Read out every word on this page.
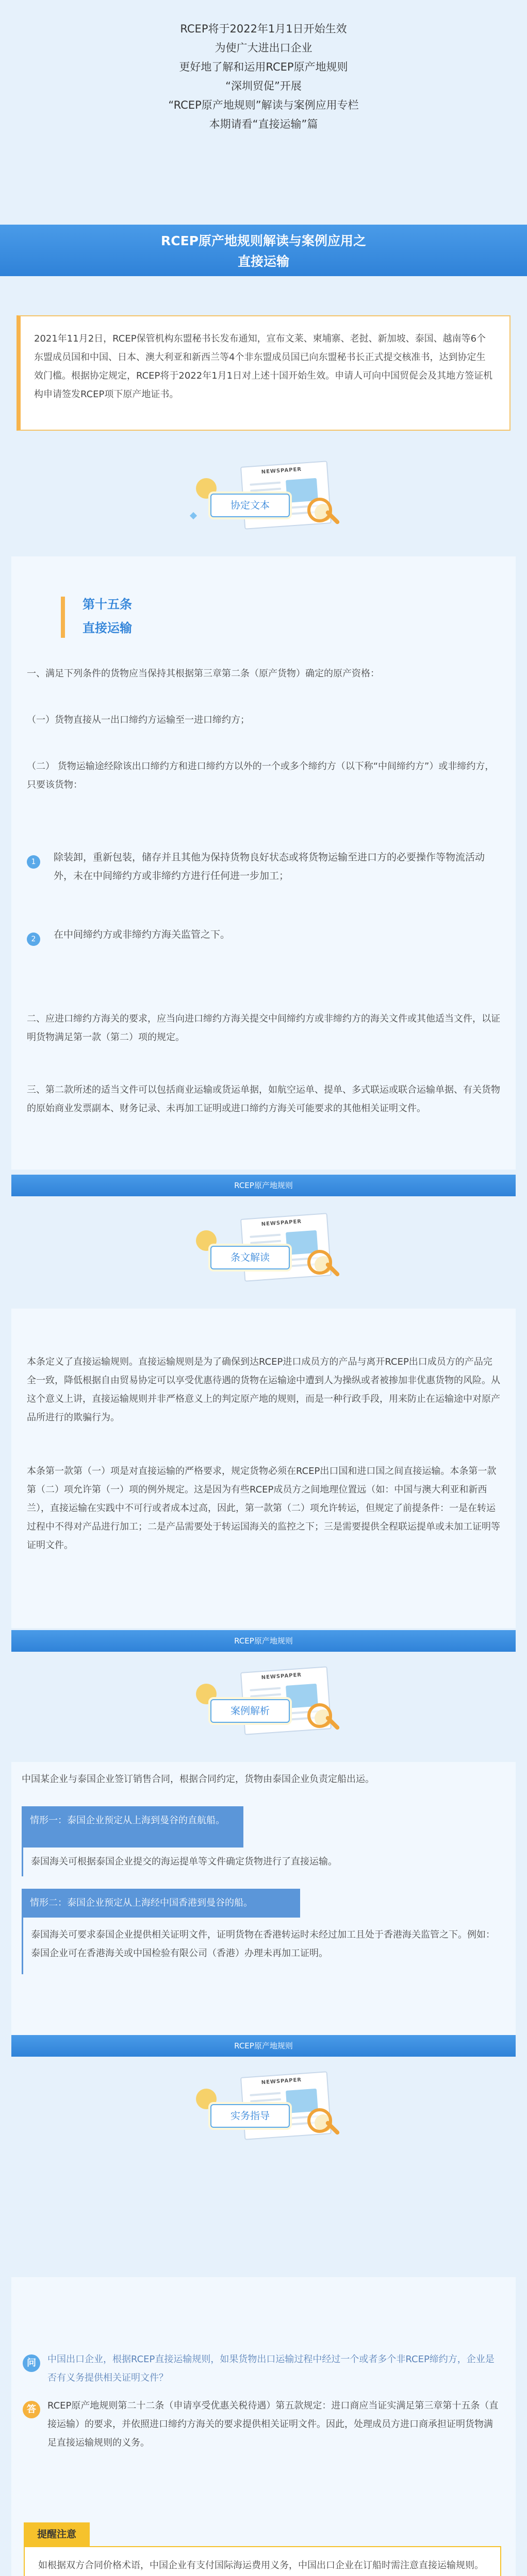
RCEP将于2022年1月1日开始生效
为使广大进出口企业
更好地了解和运用RCEP原产地规则
“深圳贸促”开展
“RCEP原产地规则”解读与案例应用专栏
本期请看“直接运输”篇
RCEP原产地规则解读与案例应用之
直接运输
2021年11月2日，RCEP保管机构东盟秘书长发布通知，宣布文莱、柬埔寨、老挝、新加坡、泰国、越南等6个东盟成员国和中国、日本、澳大利亚和新西兰等4个非东盟成员国已向东盟秘书长正式提交核准书，达到协定生效门槛。根据协定规定，RCEP将于2022年1月1日对上述十国开始生效。申请人可向中国贸促会及其地方签证机构申请签发RCEP项下原产地证书。
NEWSPAPER
协定文本
第十五条
直接运输
一、满足下列条件的货物应当保持其根据第三章第二条（原产货物）确定的原产资格：
（一）货物直接从一出口缔约方运输至一进口缔约方；
（二） 货物运输途经除该出口缔约方和进口缔约方以外的一个或多个缔约方（以下称“中间缔约方”）或非缔约方，只要该货物：
1	除装卸，重新包装，储存并且其他为保持货物良好状态或将货物运输至进口方的必要操作等物流活动外，未在中间缔约方或非缔约方进行任何进一步加工；
2	在中间缔约方或非缔约方海关监管之下。
二、应进口缔约方海关的要求，应当向进口缔约方海关提交中间缔约方或非缔约方的海关文件或其他适当文件，以证明货物满足第一款（第二）项的规定。
三、第二款所述的适当文件可以包括商业运输或货运单据，如航空运单、提单、多式联运或联合运输单据、有关货物的原始商业发票副本、财务记录、未再加工证明或进口缔约方海关可能要求的其他相关证明文件。
RCEP原产地规则
NEWSPAPER
条文解读
本条定义了直接运输规则。直接运输规则是为了确保到达RCEP进口成员方的产品与离开RCEP出口成员方的产品完全一致，降低根据自由贸易协定可以享受优惠待遇的货物在运输途中遭到人为操纵或者被掺加非优惠货物的风险。从这个意义上讲，直接运输规则并非严格意义上的判定原产地的规则，而是一种行政手段，用来防止在运输途中对原产品所进行的欺骗行为。
本条第一款第（一）项是对直接运输的严格要求，规定货物必须在RCEP出口国和进口国之间直接运输。本条第一款第（二）项允许第（一）项的例外规定。这是因为有些RCEP成员方之间地理位置远（如：中国与澳大利亚和新西兰），直接运输在实践中不可行或者成本过高，因此，第一款第（二）项允许转运，但规定了前提条件：一是在转运过程中不得对产品进行加工；二是产品需要处于转运国海关的监控之下；三是需要提供全程联运提单或未加工证明等证明文件。
RCEP原产地规则
NEWSPAPER
案例解析
中国某企业与泰国企业签订销售合同，根据合同约定，货物由泰国企业负责定船出运。
情形一：泰国企业预定从上海到曼谷的直航船。
泰国海关可根据泰国企业提交的海运提单等文件确定货物进行了直接运输。
情形二：泰国企业预定从上海经中国香港到曼谷的船。
泰国海关可要求泰国企业提供相关证明文件，证明货物在香港转运时未经过加工且处于香港海关监管之下。例如：泰国企业可在香港海关或中国检验有限公司（香港）办理未再加工证明。
RCEP原产地规则
NEWSPAPER
实务指导
问	中国出口企业，根据RCEP直接运输规则，如果货物出口运输过程中经过一个或者多个非RCEP缔约方，企业是否有义务提供相关证明文件？
答	RCEP原产地规则第二十二条（申请享受优惠关税待遇）第五款规定：进口商应当证实满足第三章第十五条（直接运输）的要求，并依照进口缔约方海关的要求提供相关证明文件。因此，处理成员方进口商承担证明货物满足直接运输规则的义务。
提醒注意
如根据双方合同价格术语，中国企业有支付国际海运费用义务，中国出口企业在订船时需注意直接运输规则。
